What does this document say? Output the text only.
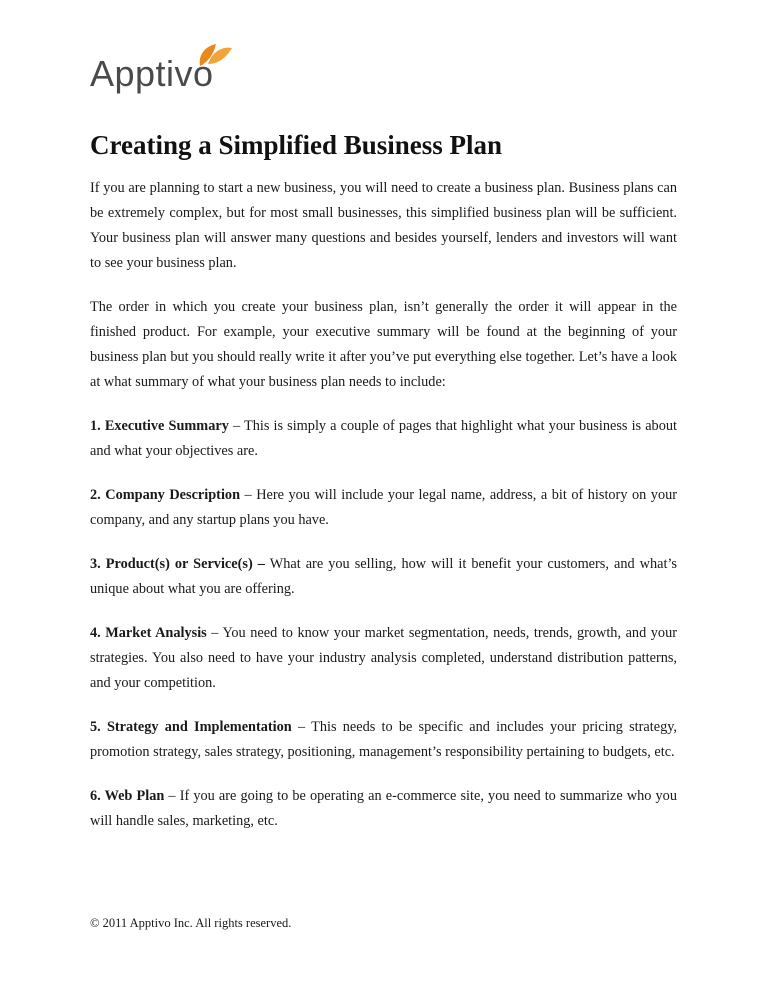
Apptivo
Creating a Simplified Business Plan

If you are planning to start a new business, you will need to create a business plan. Business plans can be extremely complex, but for most small businesses, this simplified business plan will be sufficient. Your business plan will answer many questions and besides yourself, lenders and investors will want to see your business plan.

The order in which you create your business plan, isn’t generally the order it will appear in the finished product. For example, your executive summary will be found at the beginning of your business plan but you should really write it after you’ve put everything else together. Let’s have a look at what summary of what your business plan needs to include:

1. Executive Summary – This is simply a couple of pages that highlight what your business is about and what your objectives are.

2. Company Description – Here you will include your legal name, address, a bit of history on your company, and any startup plans you have.

3. Product(s) or Service(s) – What are you selling, how will it benefit your customers, and what’s unique about what you are offering.

4. Market Analysis – You need to know your market segmentation, needs, trends, growth, and your strategies. You also need to have your industry analysis completed, understand distribution patterns, and your competition.

5. Strategy and Implementation – This needs to be specific and includes your pricing strategy, promotion strategy, sales strategy, positioning, management’s responsibility pertaining to budgets, etc.

6. Web Plan – If you are going to be operating an e-commerce site, you need to summarize who you will handle sales, marketing, etc.

© 2011 Apptivo Inc. All rights reserved.
